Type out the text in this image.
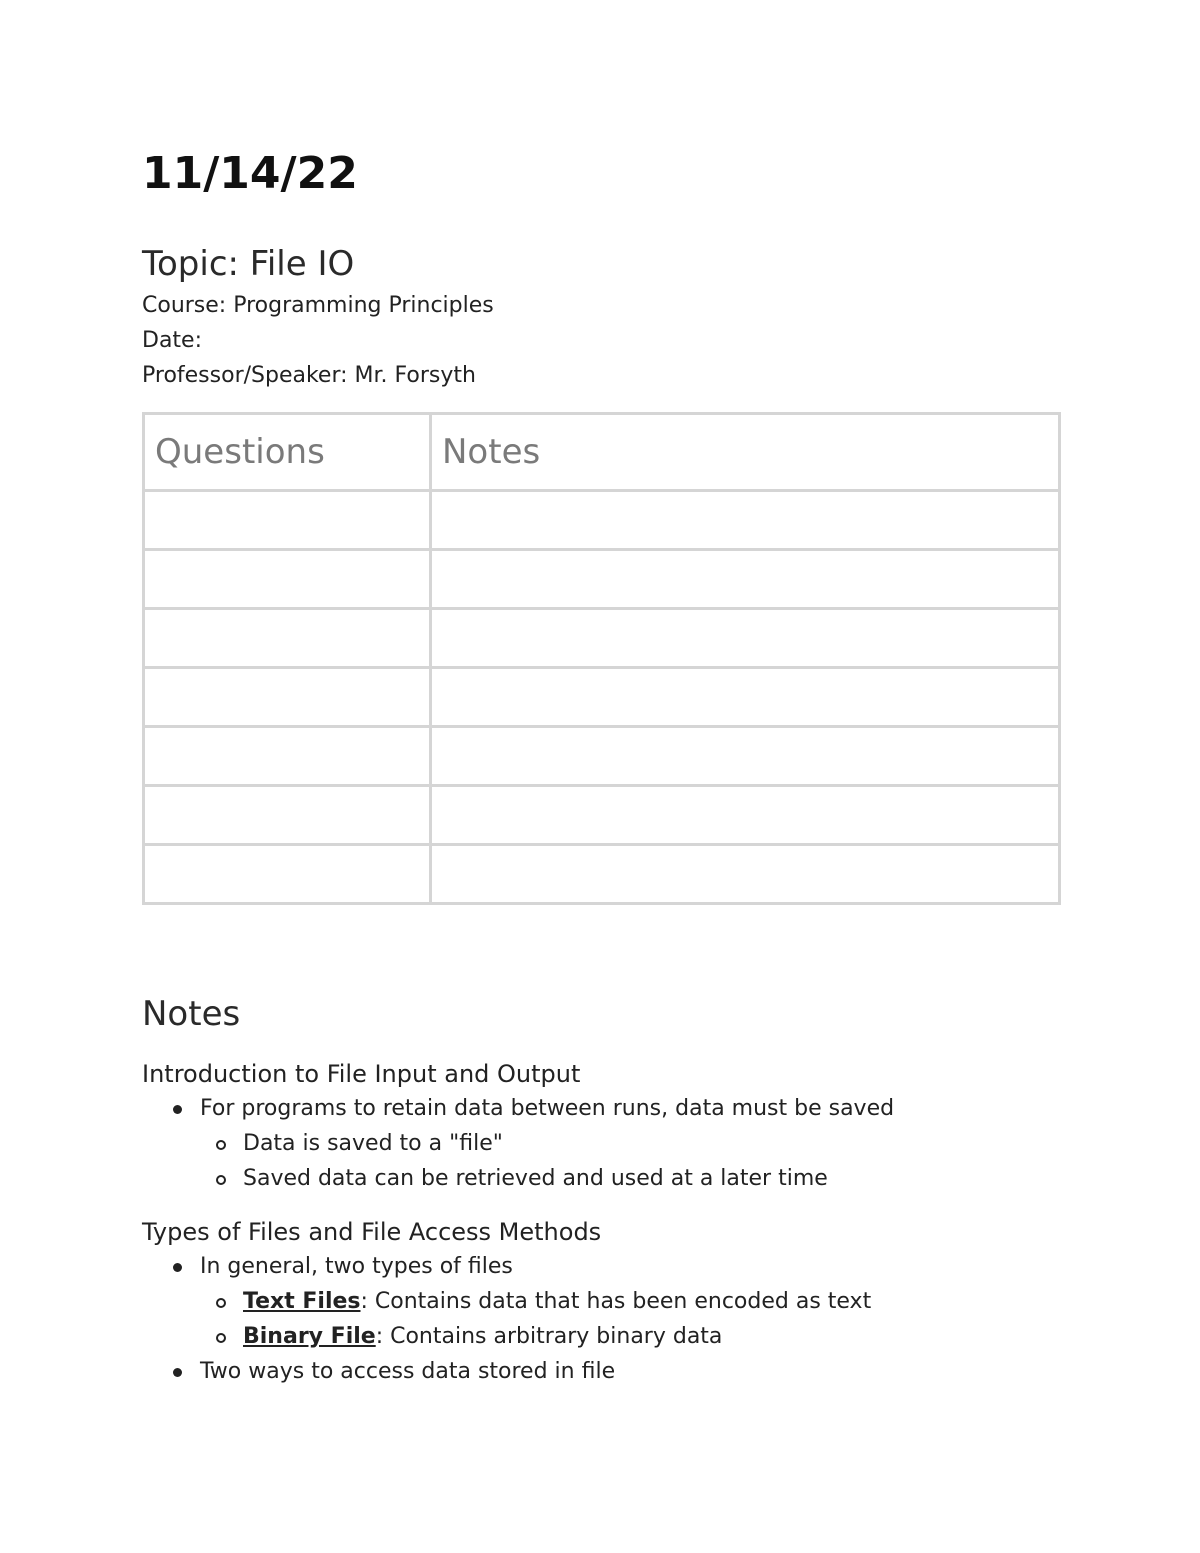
11/14/22
Topic: File IO
Course: Programming Principles
Date:
Professor/Speaker: Mr. Forsyth
Questions	Notes

Notes
Introduction to File Input and Output
For programs to retain data between runs, data must be saved
Data is saved to a "file"
Saved data can be retrieved and used at a later time
Types of Files and File Access Methods
In general, two types of files
Text Files: Contains data that has been encoded as text
Binary File: Contains arbitrary binary data
Two ways to access data stored in file
